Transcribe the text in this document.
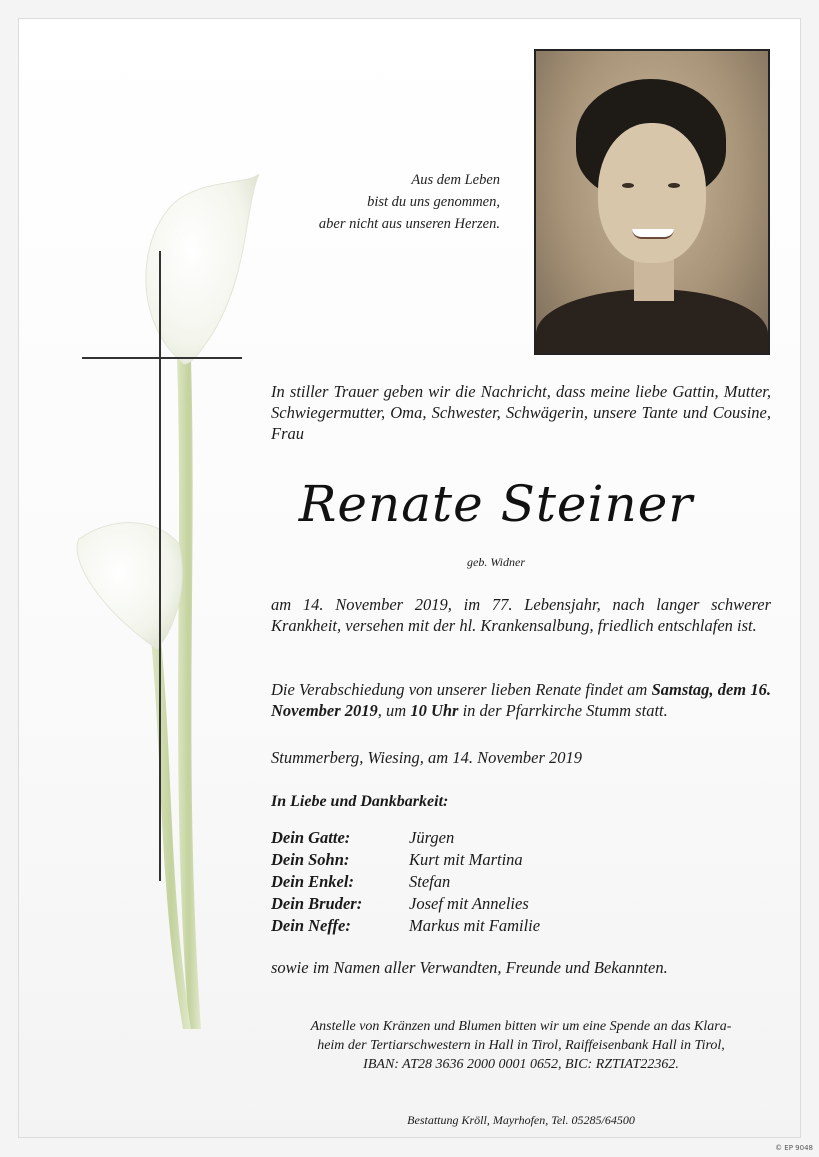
Aus dem Leben
bist du uns genommen,
aber nicht aus unseren Herzen.

In stiller Trauer geben wir die Nachricht, dass meine liebe Gattin, Mutter, Schwiegermutter, Oma, Schwester, Schwägerin, unsere Tante und Cousine, Frau

Renate Steiner
geb. Widner

am 14. November 2019, im 77. Lebensjahr, nach langer schwerer Krankheit, versehen mit der hl. Krankensalbung, friedlich entschlafen ist.

Die Verabschiedung von unserer lieben Renate findet am Samstag, dem 16. November 2019, um 10 Uhr in der Pfarrkirche Stumm statt.

Stummerberg, Wiesing, am 14. November 2019

In Liebe und Dankbarkeit:
Dein Gatte:	Jürgen
Dein Sohn:	Kurt mit Martina
Dein Enkel:	Stefan
Dein Bruder:	Josef mit Annelies
Dein Neffe:	Markus mit Familie

sowie im Namen aller Verwandten, Freunde und Bekannten.

Anstelle von Kränzen und Blumen bitten wir um eine Spende an das Klara-
heim der Tertiarschwestern in Hall in Tirol, Raiffeisenbank Hall in Tirol,
IBAN: AT28 3636 2000 0001 0652, BIC: RZTIAT22362.
Bestattung Kröll, Mayrhofen, Tel. 05285/64500
© EP 9048
